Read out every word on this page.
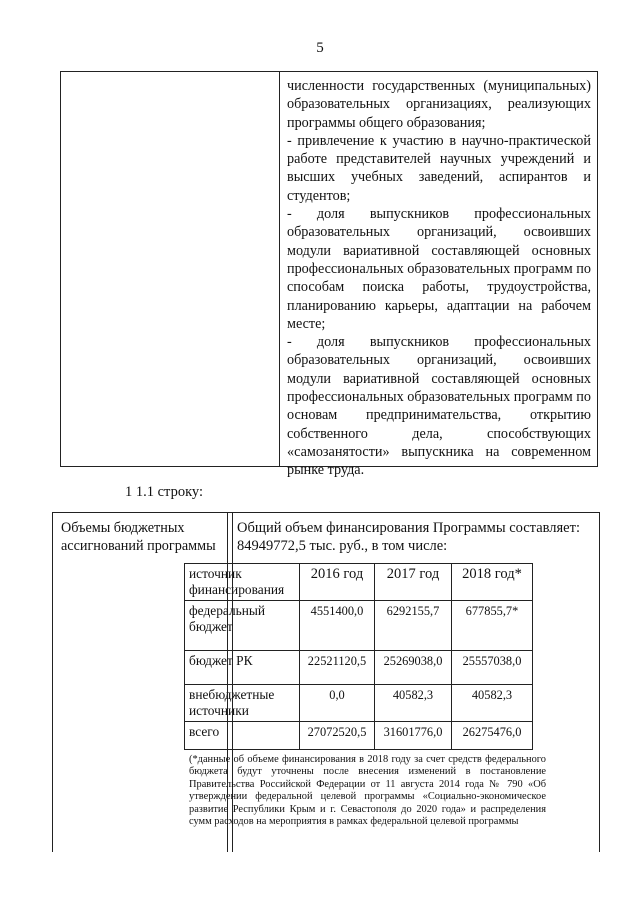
5
численности государственных (муниципальных) образовательных организациях, реализующих программы общего образования;
- привлечение к участию в научно-практической работе представителей научных учреждений и высших учебных заведений, аспирантов и студентов;
- доля выпускников профессиональных образовательных организаций, освоивших модули вариативной составляющей основных профессиональных образовательных программ по способам поиска работы, трудоустройства, планированию карьеры, адаптации на рабочем месте;
- доля выпускников профессиональных образовательных организаций, освоивших модули вариативной составляющей основных профессиональных образовательных программ по основам предпринимательства, открытию собственного дела, способствующих «самозанятости» выпускника на современном рынке труда.
1 1.1 строку:
Объемы бюджетных ассигнований программы
Общий объем финансирования Программы составляет: 84949772,5 тыс. руб., в том числе:
источник финансирования	2016 год	2017 год	2018 год*
федеральный бюджет	4551400,0	6292155,7	677855,7*
бюджет РК	22521120,5	25269038,0	25557038,0
внебюджетные источники	0,0	40582,3	40582,3
всего	27072520,5	31601776,0	26275476,0
(*данные об объеме финансирования в 2018 году за счет средств федерального бюджета будут уточнены после внесения изменений в постановление Правительства Российской Федерации от 11 августа 2014 года № 790 «Об утверждении федеральной целевой программы «Социально-экономическое развитие Республики Крым и г. Севастополя до 2020 года» и распределения сумм расходов на мероприятия в рамках федеральной целевой программы
